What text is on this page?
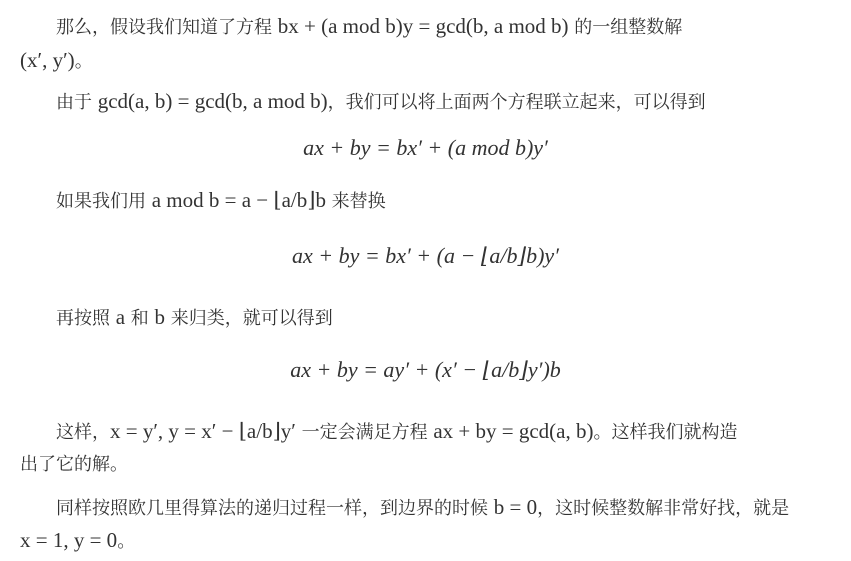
那么，假设我们知道了方程 bx + (a mod b)y = gcd(b, a mod b) 的一组整数解
(x′, y′)。
由于 gcd(a, b) = gcd(b, a mod b)，我们可以将上面两个方程联立起来，可以得到
ax + by = bx′ + (a mod b)y′
如果我们用 a mod b = a − ⌊a/b⌋b 来替换
ax + by = bx′ + (a − ⌊a/b⌋b)y′
再按照 a 和 b 来归类，就可以得到
ax + by = ay′ + (x′ − ⌊a/b⌋y′)b
这样，x = y′, y = x′ − ⌊a/b⌋y′ 一定会满足方程 ax + by = gcd(a, b)。这样我们就构造
出了它的解。
同样按照欧几里得算法的递归过程一样，到边界的时候 b = 0，这时候整数解非常好找，就是
x = 1, y = 0。
